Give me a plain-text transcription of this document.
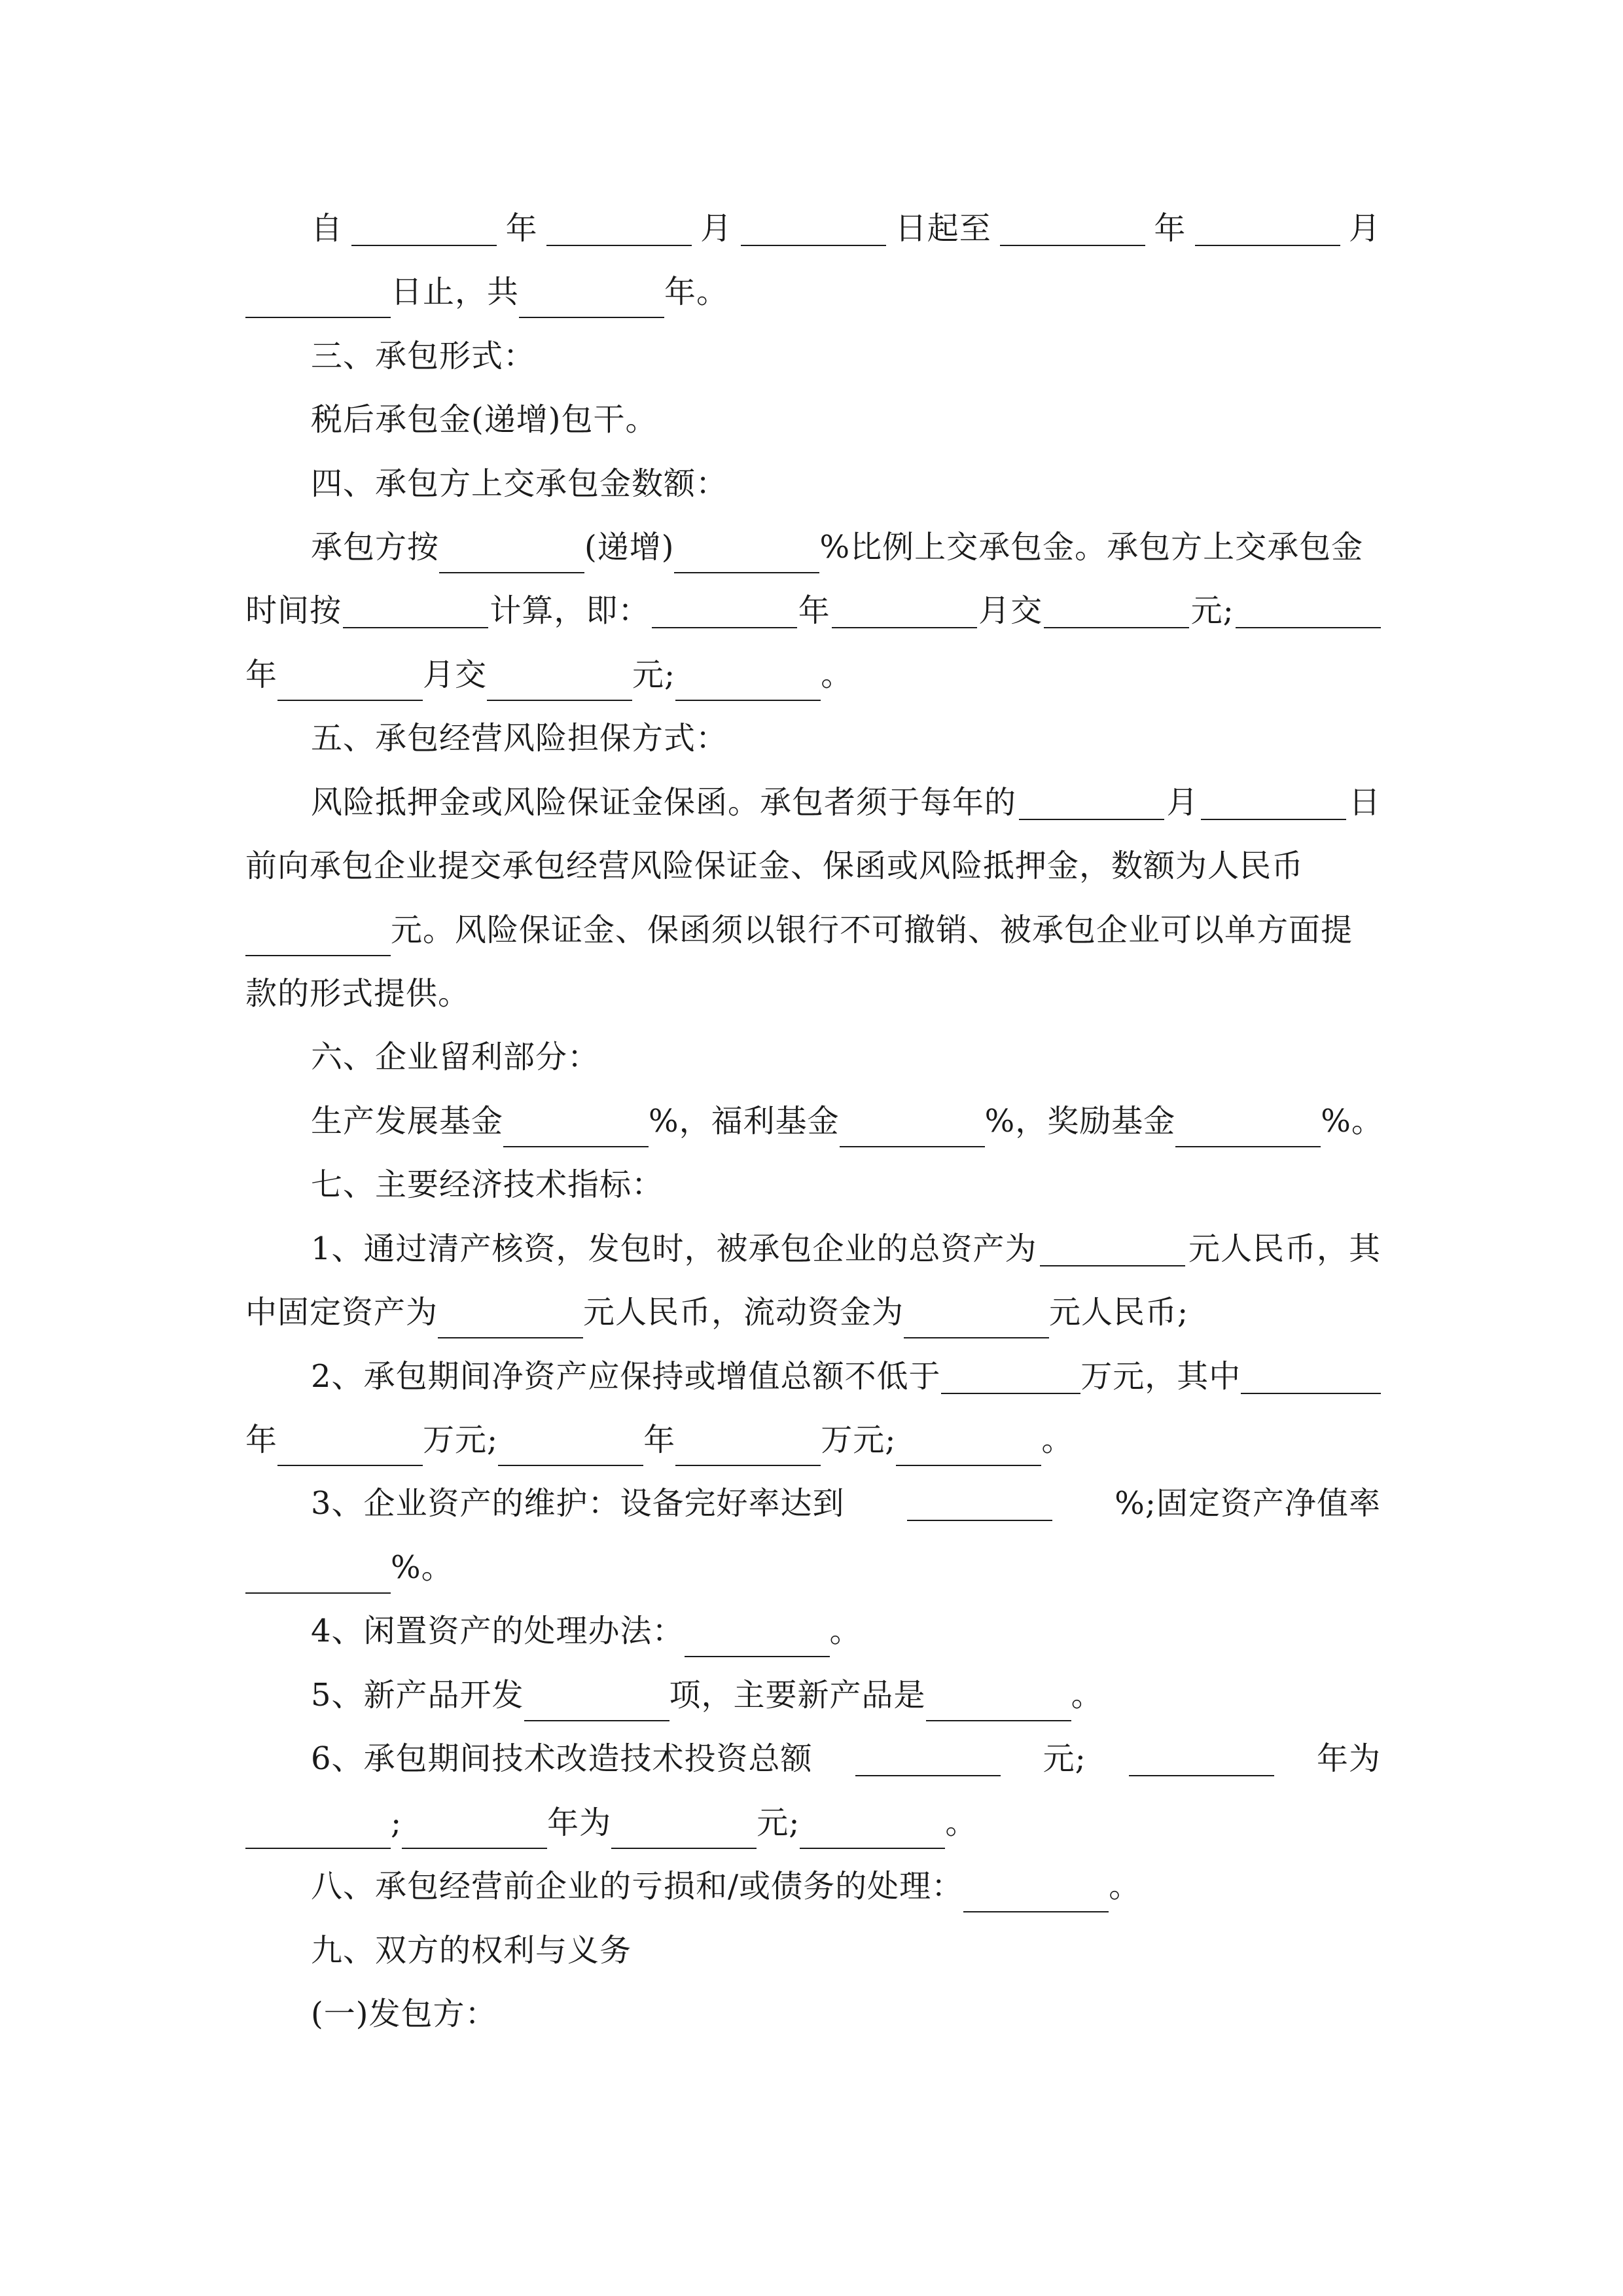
自	年	月	日起至	年	月
日止，共	年。
三、承包形式：
税后承包金(递增)包干。
四、承包方上交承包金数额：
承包方按	(递增)	%比例上交承包金。承包方上交承包金
时间按	计算，即：	年	月交	元;
年	月交	元;	。
五、承包经营风险担保方式：
风险抵押金或风险保证金保函。承包者须于每年的	月	日
前向承包企业提交承包经营风险保证金、保函或风险抵押金，数额为人民币
元。风险保证金、保函须以银行不可撤销、被承包企业可以单方面提
款的形式提供。
六、企业留利部分：
生产发展基金	%，福利基金	%，奖励基金	%。
七、主要经济技术指标：
1、通过清产核资，发包时，被承包企业的总资产为	元人民币，其
中固定资产为	元人民币，流动资金为	元人民币;
2、承包期间净资产应保持或增值总额不低于	万元，其中
年	万元;	年	万元;	。
3、企业资产的维护：设备完好率达到	%;固定资产净值率
%。
4、闲置资产的处理办法：	。
5、新产品开发	项，主要新产品是	。
6、承包期间技术改造技术投资总额	元;	年为
;	年为	元;	。
八、承包经营前企业的亏损和/或债务的处理：	。
九、双方的权利与义务
(一)发包方：
